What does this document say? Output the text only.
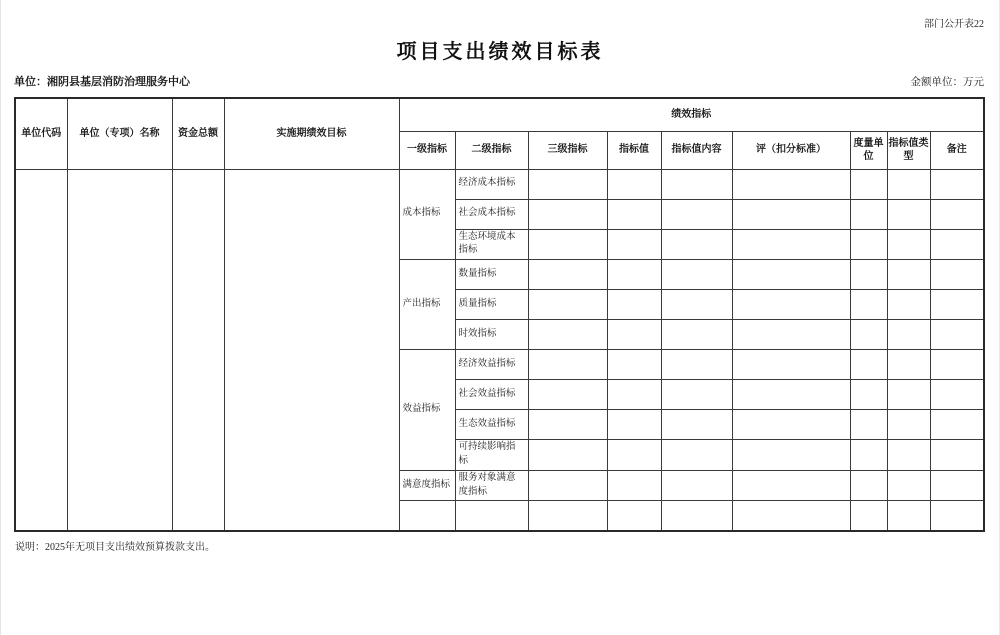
部门公开表22
项目支出绩效目标表
单位：湘阴县基层消防治理服务中心	金额单位：万元
单位代码	单位（专项）名称	资金总额	实施期绩效目标	绩效指标								
				一级指标	二级指标	三级指标	指标值	指标值内容	评（扣分标准）	度量单位	指标值类型	备注
				成本指标	经济成本指标							
					社会成本指标							
					生态环境成本指标							
				产出指标	数量指标							
					质量指标							
					时效指标							
				效益指标	经济效益指标							
					社会效益指标							
					生态效益指标							
					可持续影响指标							
				满意度指标	服务对象满意度指标							

说明：2025年无项目支出绩效预算拨款支出。
